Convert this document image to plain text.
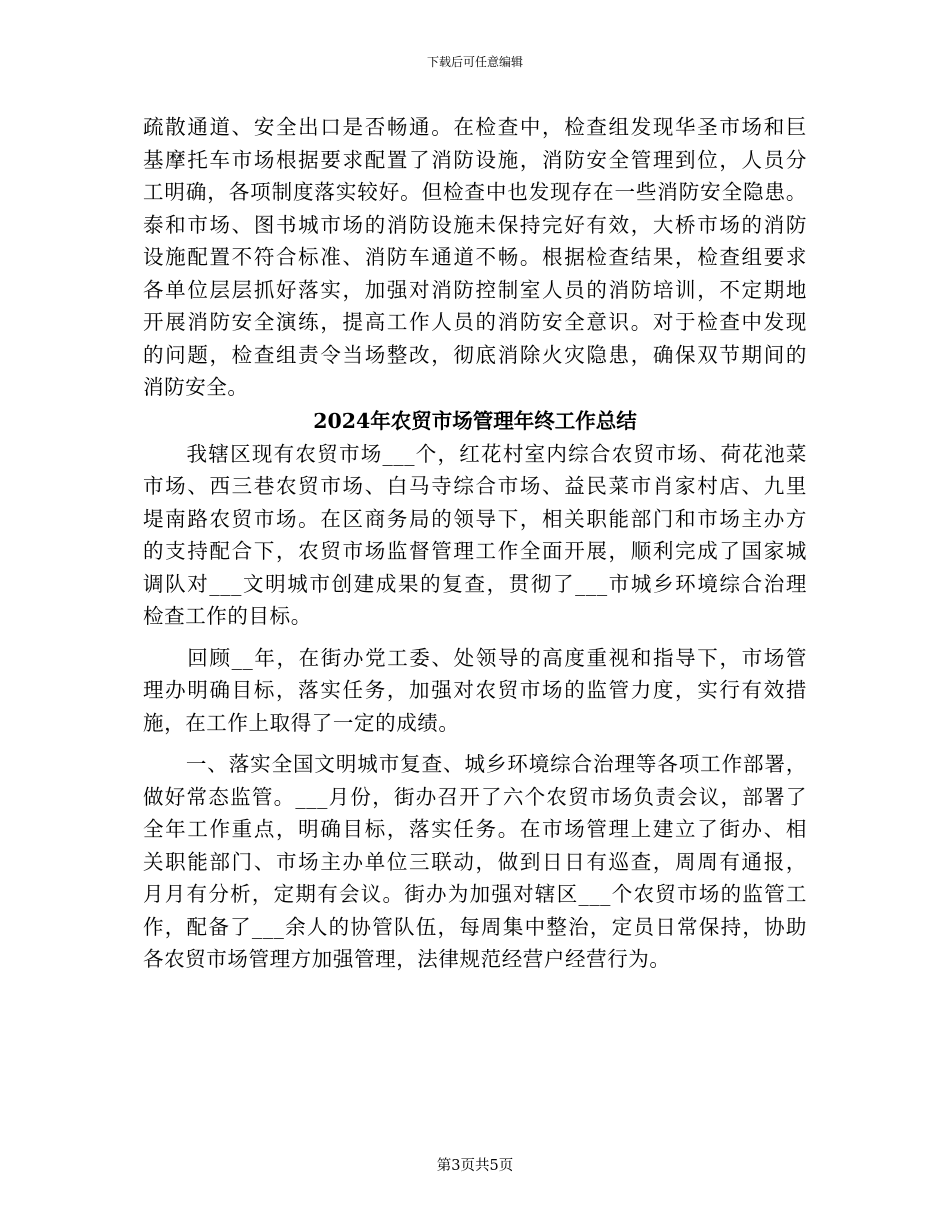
下载后可任意编辑
疏散通道、安全出口是否畅通。在检查中，检查组发现华圣市场和巨
基摩托车市场根据要求配置了消防设施，消防安全管理到位，人员分
工明确，各项制度落实较好。但检查中也发现存在一些消防安全隐患。
泰和市场、图书城市场的消防设施未保持完好有效，大桥市场的消防
设施配置不符合标准、消防车通道不畅。根据检查结果，检查组要求
各单位层层抓好落实，加强对消防控制室人员的消防培训，不定期地
开展消防安全演练，提高工作人员的消防安全意识。对于检查中发现
的问题，检查组责令当场整改，彻底消除火灾隐患，确保双节期间的
消防安全。
2024年农贸市场管理年终工作总结
　　我辖区现有农贸市场___个，红花村室内综合农贸市场、荷花池菜
市场、西三巷农贸市场、白马寺综合市场、益民菜市肖家村店、九里
堤南路农贸市场。在区商务局的领导下，相关职能部门和市场主办方
的支持配合下，农贸市场监督管理工作全面开展，顺利完成了国家城
调队对___文明城市创建成果的复查，贯彻了___市城乡环境综合治理
检查工作的目标。
　　回顾__年，在街办党工委、处领导的高度重视和指导下，市场管
理办明确目标，落实任务，加强对农贸市场的监管力度，实行有效措
施，在工作上取得了一定的成绩。
　　一、落实全国文明城市复查、城乡环境综合治理等各项工作部署，
做好常态监管。___月份，街办召开了六个农贸市场负责会议，部署了
全年工作重点，明确目标，落实任务。在市场管理上建立了街办、相
关职能部门、市场主办单位三联动，做到日日有巡查，周周有通报，
月月有分析，定期有会议。街办为加强对辖区___个农贸市场的监管工
作，配备了___余人的协管队伍，每周集中整治，定员日常保持，协助
各农贸市场管理方加强管理，法律规范经营户经营行为。
第3页共5页
